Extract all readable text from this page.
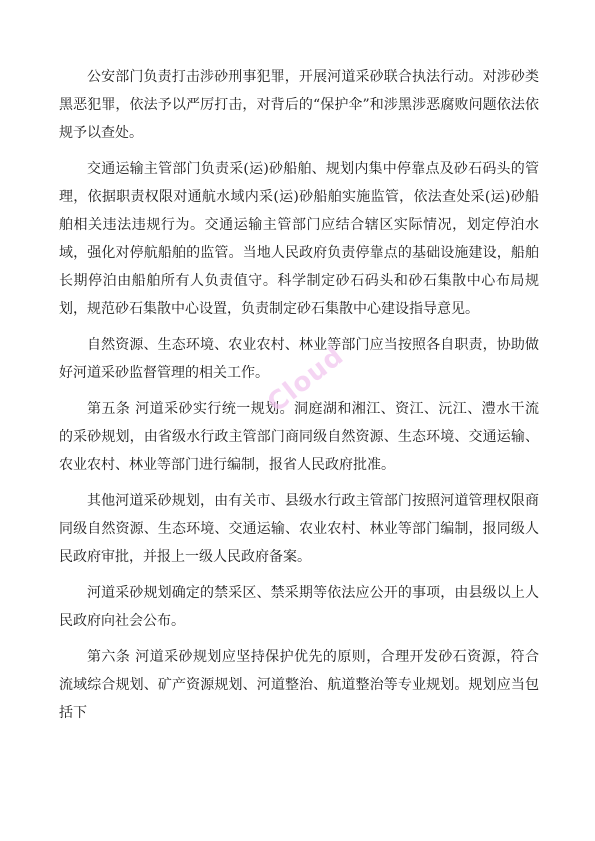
公安部门负责打击涉砂刑事犯罪，开展河道采砂联合执法行动。对涉砂类黑恶犯罪，依法予以严厉打击，对背后的“保护伞”和涉黑涉恶腐败问题依法依规予以查处。

交通运输主管部门负责采(运)砂船舶、规划内集中停靠点及砂石码头的管理，依据职责权限对通航水域内采(运)砂船舶实施监管，依法查处采(运)砂船舶相关违法违规行为。交通运输主管部门应结合辖区实际情况，划定停泊水域，强化对停航船舶的监管。当地人民政府负责停靠点的基础设施建设，船舶长期停泊由船舶所有人负责值守。科学制定砂石码头和砂石集散中心布局规划，规范砂石集散中心设置，负责制定砂石集散中心建设指导意见。

自然资源、生态环境、农业农村、林业等部门应当按照各自职责，协助做好河道采砂监督管理的相关工作。

第五条 河道采砂实行统一规划。洞庭湖和湘江、资江、沅江、澧水干流的采砂规划，由省级水行政主管部门商同级自然资源、生态环境、交通运输、农业农村、林业等部门进行编制，报省人民政府批准。

其他河道采砂规划，由有关市、县级水行政主管部门按照河道管理权限商同级自然资源、生态环境、交通运输、农业农村、林业等部门编制，报同级人民政府审批，并报上一级人民政府备案。

河道采砂规划确定的禁采区、禁采期等依法应公开的事项，由县级以上人民政府向社会公布。

第六条 河道采砂规划应坚持保护优先的原则，合理开发砂石资源，符合流域综合规划、矿产资源规划、河道整治、航道整治等专业规划。规划应当包括下

Cloud
